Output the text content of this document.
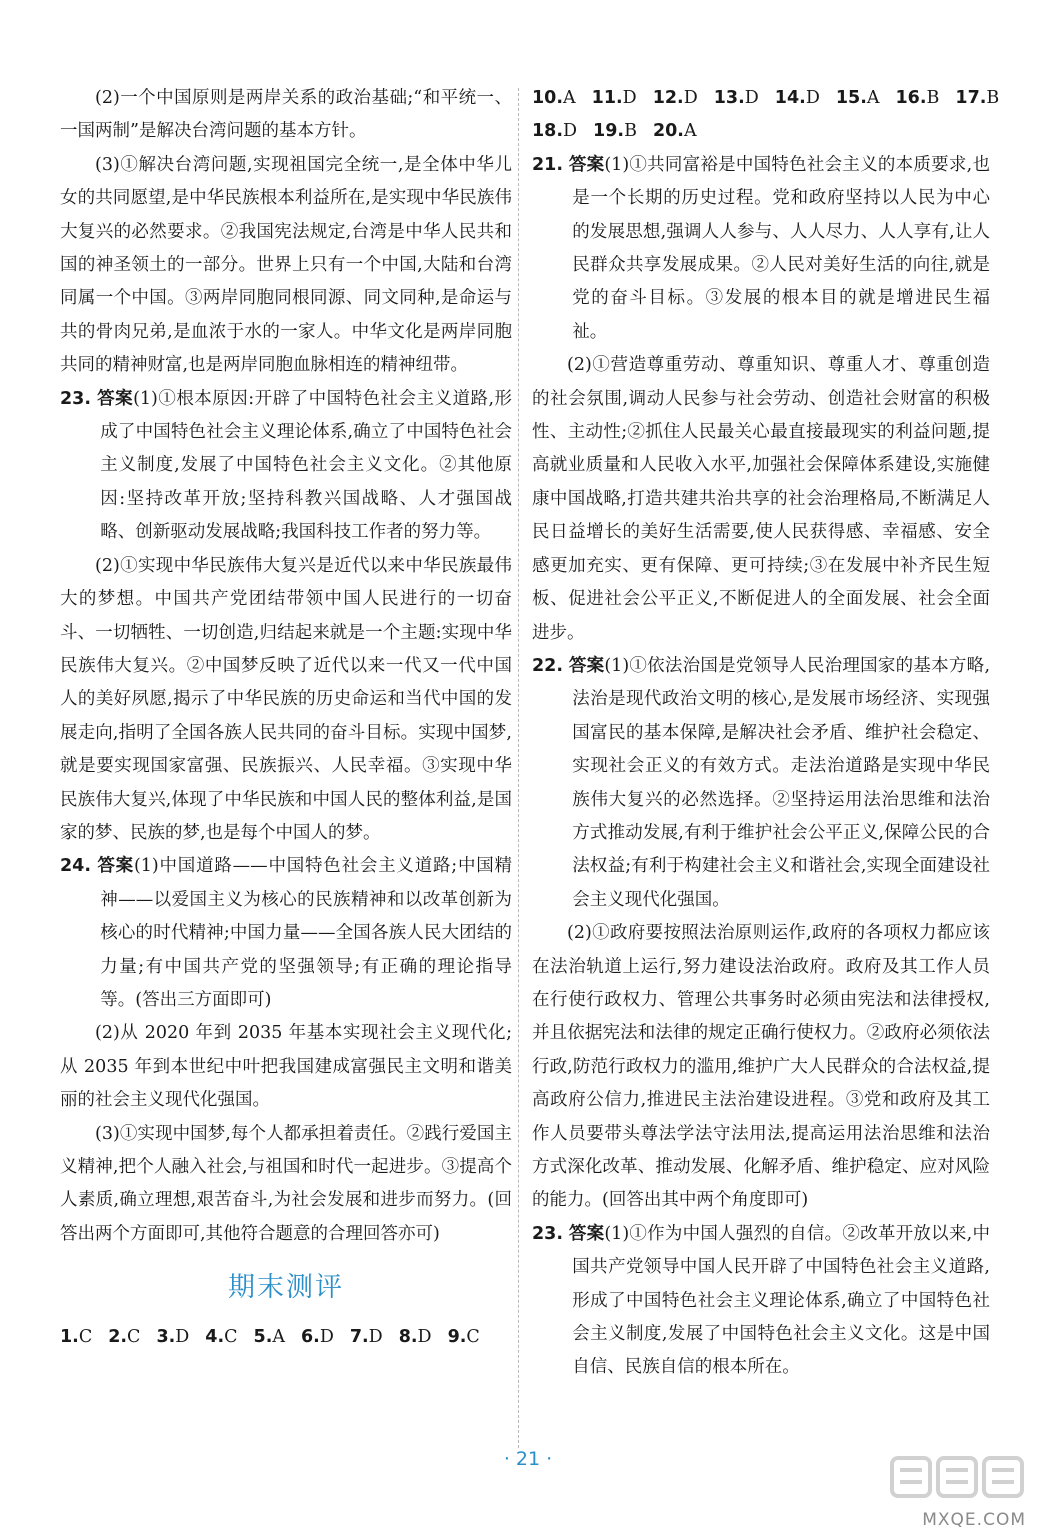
(2)一个中国原则是两岸关系的政治基础;“和平统一、一国两制”是解决台湾问题的基本方针。

(3)①解决台湾问题,实现祖国完全统一,是全体中华儿女的共同愿望,是中华民族根本利益所在,是实现中华民族伟大复兴的必然要求。②我国宪法规定,台湾是中华人民共和国的神圣领土的一部分。世界上只有一个中国,大陆和台湾同属一个中国。③两岸同胞同根同源、同文同种,是命运与共的骨肉兄弟,是血浓于水的一家人。中华文化是两岸同胞共同的精神财富,也是两岸同胞血脉相连的精神纽带。

23. 答案(1)①根本原因:开辟了中国特色社会主义道路,形成了中国特色社会主义理论体系,确立了中国特色社会主义制度,发展了中国特色社会主义文化。②其他原因:坚持改革开放;坚持科教兴国战略、人才强国战略、创新驱动发展战略;我国科技工作者的努力等。

(2)①实现中华民族伟大复兴是近代以来中华民族最伟大的梦想。中国共产党团结带领中国人民进行的一切奋斗、一切牺牲、一切创造,归结起来就是一个主题:实现中华民族伟大复兴。②中国梦反映了近代以来一代又一代中国人的美好夙愿,揭示了中华民族的历史命运和当代中国的发展走向,指明了全国各族人民共同的奋斗目标。实现中国梦,就是要实现国家富强、民族振兴、人民幸福。③实现中华民族伟大复兴,体现了中华民族和中国人民的整体利益,是国家的梦、民族的梦,也是每个中国人的梦。

24. 答案(1)中国道路——中国特色社会主义道路;中国精神——以爱国主义为核心的民族精神和以改革创新为核心的时代精神;中国力量——全国各族人民大团结的力量;有中国共产党的坚强领导;有正确的理论指导等。(答出三方面即可)

(2)从 2020 年到 2035 年基本实现社会主义现代化;从 2035 年到本世纪中叶把我国建成富强民主文明和谐美丽的社会主义现代化强国。

(3)①实现中国梦,每个人都承担着责任。②践行爱国主义精神,把个人融入社会,与祖国和时代一起进步。③提高个人素质,确立理想,艰苦奋斗,为社会发展和进步而努力。(回答出两个方面即可,其他符合题意的合理回答亦可)

期末测评

1.C 2.C 3.D 4.C 5.A 6.D 7.D 8.D 9.C

10.A 11.D 12.D 13.D 14.D 15.A 16.B 17.B

18.D 19.B 20.A

21. 答案(1)①共同富裕是中国特色社会主义的本质要求,也是一个长期的历史过程。党和政府坚持以人民为中心的发展思想,强调人人参与、人人尽力、人人享有,让人民群众共享发展成果。②人民对美好生活的向往,就是党的奋斗目标。③发展的根本目的就是增进民生福祉。

(2)①营造尊重劳动、尊重知识、尊重人才、尊重创造的社会氛围,调动人民参与社会劳动、创造社会财富的积极性、主动性;②抓住人民最关心最直接最现实的利益问题,提高就业质量和人民收入水平,加强社会保障体系建设,实施健康中国战略,打造共建共治共享的社会治理格局,不断满足人民日益增长的美好生活需要,使人民获得感、幸福感、安全感更加充实、更有保障、更可持续;③在发展中补齐民生短板、促进社会公平正义,不断促进人的全面发展、社会全面进步。

22. 答案(1)①依法治国是党领导人民治理国家的基本方略,法治是现代政治文明的核心,是发展市场经济、实现强国富民的基本保障,是解决社会矛盾、维护社会稳定、实现社会正义的有效方式。走法治道路是实现中华民族伟大复兴的必然选择。②坚持运用法治思维和法治方式推动发展,有利于维护社会公平正义,保障公民的合法权益;有利于构建社会主义和谐社会,实现全面建设社会主义现代化强国。

(2)①政府要按照法治原则运作,政府的各项权力都应该在法治轨道上运行,努力建设法治政府。政府及其工作人员在行使行政权力、管理公共事务时必须由宪法和法律授权,并且依据宪法和法律的规定正确行使权力。②政府必须依法行政,防范行政权力的滥用,维护广大人民群众的合法权益,提高政府公信力,推进民主法治建设进程。③党和政府及其工作人员要带头尊法学法守法用法,提高运用法治思维和法治方式深化改革、推动发展、化解矛盾、维护稳定、应对风险的能力。(回答出其中两个角度即可)

23. 答案(1)①作为中国人强烈的自信。②改革开放以来,中国共产党领导中国人民开辟了中国特色社会主义道路,形成了中国特色社会主义理论体系,确立了中国特色社会主义制度,发展了中国特色社会主义文化。这是中国自信、民族自信的根本所在。

· 21 ·
MXQE.COM
